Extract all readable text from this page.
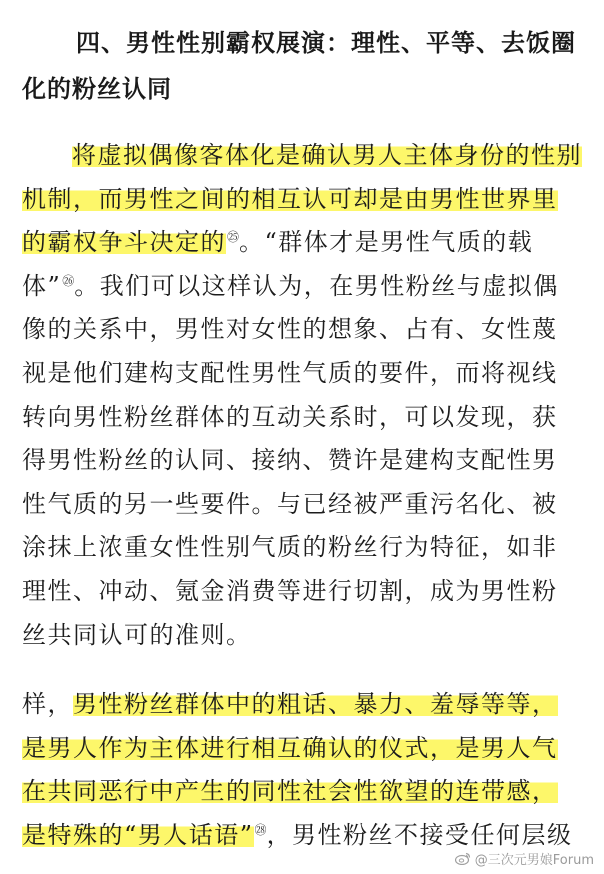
四、男性性别霸权展演：理性、平等、去饭圈化的粉丝认同
将虚拟偶像客体化是确认男人主体身份的性别机制，而男性之间的相互认可却是由男性世界里的霸权争斗决定的$^㉕$。“群体才是男性气质的载体”$^㉖$。我们可以这样认为，在男性粉丝与虚拟偶像的关系中，男性对女性的想象、占有、女性蔑视是他们建构支配性男性气质的要件，而将视线转向男性粉丝群体的互动关系时，可以发现，获得男性粉丝的认同、接纳、赞许是建构支配性男性气质的另一些要件。与已经被严重污名化、被涂抹上浓重女性性别气质的粉丝行为特征，如非理性、冲动、氪金消费等进行切割，成为男性粉丝共同认可的准则。
样，男性粉丝群体中的粗话、暴力、羞辱等等，是男人作为主体进行相互确认的仪式，是男人气在共同恶行中产生的同性社会性欲望的连带感，是特殊的“男人话语”$^㉘$，男性粉丝不接受任何层级
@三次元男娘Forum
